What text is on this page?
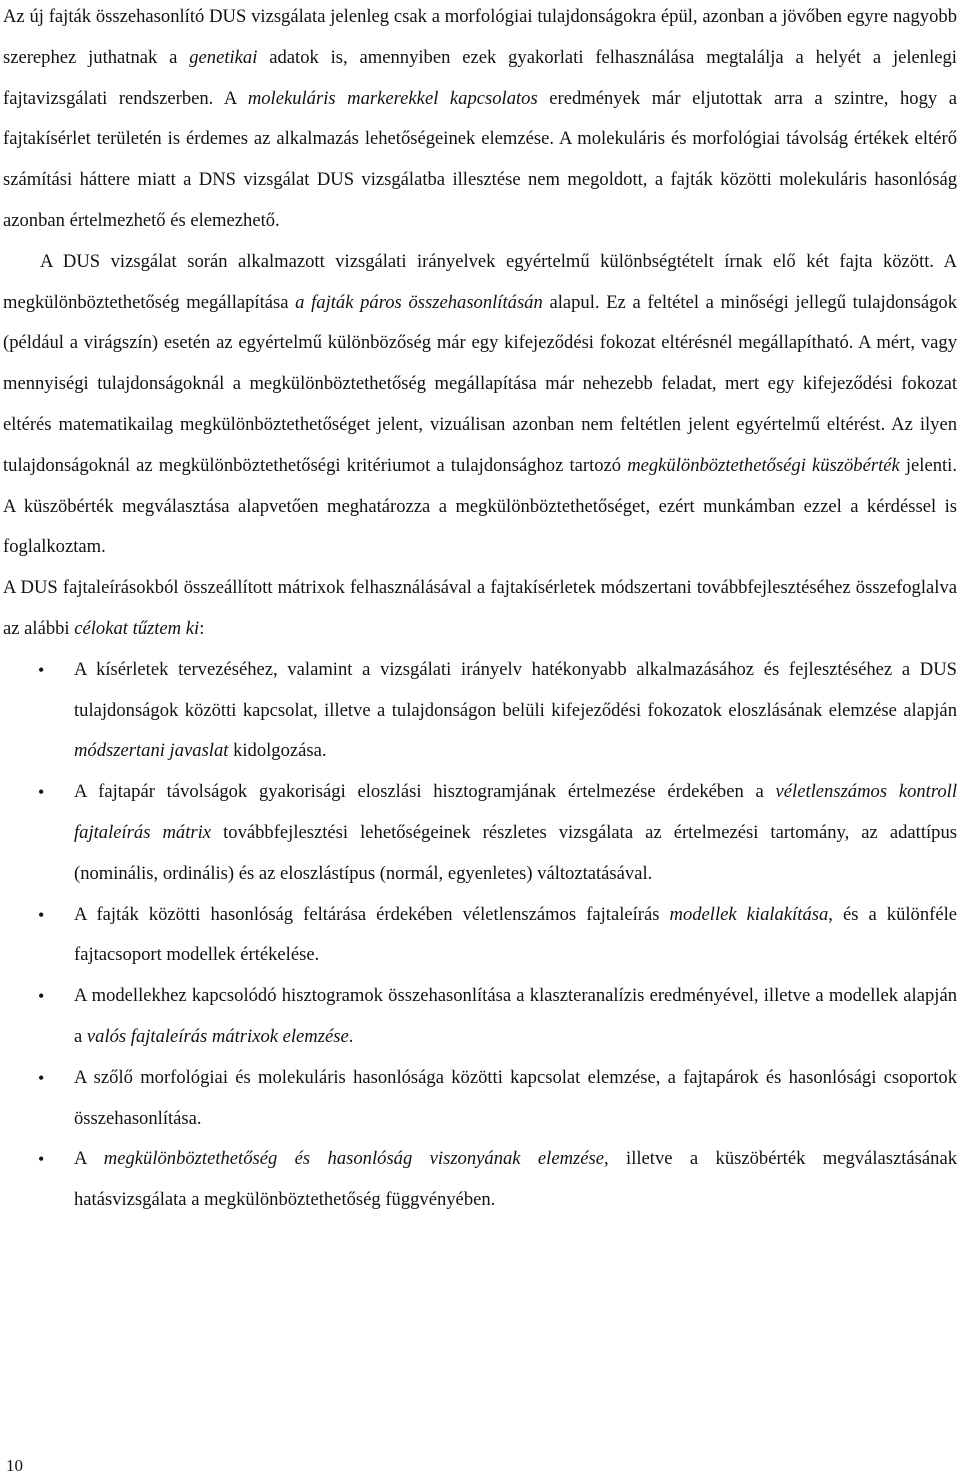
Az új fajták összehasonlító DUS vizsgálata jelenleg csak a morfológiai tulajdonságokra épül, azonban a jövőben egyre nagyobb szerephez juthatnak a genetikai adatok is, amennyiben ezek gyakorlati felhasználása megtalálja a helyét a jelenlegi fajtavizsgálati rendszerben. A molekuláris markerekkel kapcsolatos eredmények már eljutottak arra a szintre, hogy a fajtakísérlet területén is érdemes az alkalmazás lehetőségeinek elemzése. A molekuláris és morfológiai távolság értékek eltérő számítási háttere miatt a DNS vizsgálat DUS vizsgálatba illesztése nem megoldott, a fajták közötti molekuláris hasonlóság azonban értelmezhető és elemezhető.

A DUS vizsgálat során alkalmazott vizsgálati irányelvek egyértelmű különbségtételt írnak elő két fajta között. A megkülönböztethetőség megállapítása a fajták páros összehasonlításán alapul. Ez a feltétel a minőségi jellegű tulajdonságok (például a virágszín) esetén az egyértelmű különbözőség már egy kifejeződési fokozat eltérésnél megállapítható. A mért, vagy mennyiségi tulajdonságoknál a megkülönböztethetőség megállapítása már nehezebb feladat, mert egy kifejeződési fokozat eltérés matematikailag megkülönböztethetőséget jelent, vizuálisan azonban nem feltétlen jelent egyértelmű eltérést. Az ilyen tulajdonságoknál az megkülönböztethetőségi kritériumot a tulajdonsághoz tartozó megkülönböztethetőségi küszöbérték jelenti. A küszöbérték megválasztása alapvetően meghatározza a megkülönböztethetőséget, ezért munkámban ezzel a kérdéssel is foglalkoztam.

A DUS fajtaleírásokból összeállított mátrixok felhasználásával a fajtakísérletek módszertani továbbfejlesztéséhez összefoglalva az alábbi célokat tűztem ki:

• A kísérletek tervezéséhez, valamint a vizsgálati irányelv hatékonyabb alkalmazásához és fejlesztéséhez a DUS tulajdonságok közötti kapcsolat, illetve a tulajdonságon belüli kifejeződési fokozatok eloszlásának elemzése alapján módszertani javaslat kidolgozása.
• A fajtapár távolságok gyakorisági eloszlási hisztogramjának értelmezése érdekében a véletlenszámos kontroll fajtaleírás mátrix továbbfejlesztési lehetőségeinek részletes vizsgálata az értelmezési tartomány, az adattípus (nominális, ordinális) és az eloszlástípus (normál, egyenletes) változtatásával.
• A fajták közötti hasonlóság feltárása érdekében véletlenszámos fajtaleírás modellek kialakítása, és a különféle fajtacsoport modellek értékelése.
• A modellekhez kapcsolódó hisztogramok összehasonlítása a klaszteranalízis eredményével, illetve a modellek alapján a valós fajtaleírás mátrixok elemzése.
• A szőlő morfológiai és molekuláris hasonlósága közötti kapcsolat elemzése, a fajtapárok és hasonlósági csoportok összehasonlítása.
• A megkülönböztethetőség és hasonlóság viszonyának elemzése, illetve a küszöbérték megválasztásának hatásvizsgálata a megkülönböztethetőség függvényében.
10
